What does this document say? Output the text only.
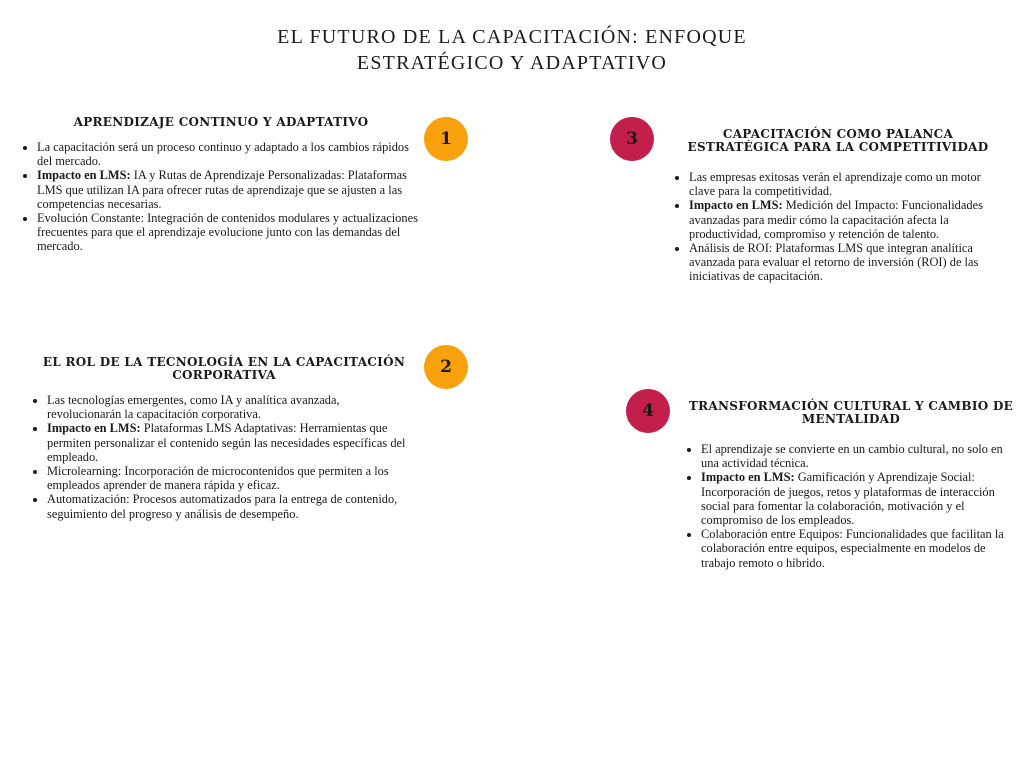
EL FUTURO DE LA CAPACITACIÓN: ENFOQUE
ESTRATÉGICO Y ADAPTATIVO
1
2
3
4
APRENDIZAJE CONTINUO Y ADAPTATIVO
• La capacitación será un proceso continuo y adaptado a los cambios rápidos del mercado.
• Impacto en LMS: IA y Rutas de Aprendizaje Personalizadas: Plataformas LMS que utilizan IA para ofrecer rutas de aprendizaje que se ajusten a las competencias necesarias.
• Evolución Constante: Integración de contenidos modulares y actualizaciones frecuentes para que el aprendizaje evolucione junto con las demandas del mercado.
EL ROL DE LA TECNOLOGÍA EN LA CAPACITACIÓN CORPORATIVA
• Las tecnologías emergentes, como IA y analítica avanzada, revolucionarán la capacitación corporativa.
• Impacto en LMS: Plataformas LMS Adaptativas: Herramientas que permiten personalizar el contenido según las necesidades específicas del empleado.
• Microlearning: Incorporación de microcontenidos que permiten a los empleados aprender de manera rápida y eficaz.
• Automatización: Procesos automatizados para la entrega de contenido, seguimiento del progreso y análisis de desempeño.
CAPACITACIÓN COMO PALANCA ESTRATÉGICA PARA LA COMPETITIVIDAD
• Las empresas exitosas verán el aprendizaje como un motor clave para la competitividad.
• Impacto en LMS: Medición del Impacto: Funcionalidades avanzadas para medir cómo la capacitación afecta la productividad, compromiso y retención de talento.
• Análisis de ROI: Plataformas LMS que integran analítica avanzada para evaluar el retorno de inversión (ROI) de las iniciativas de capacitación.
TRANSFORMACIÓN CULTURAL Y CAMBIO DE MENTALIDAD
• El aprendizaje se convierte en un cambio cultural, no solo en una actividad técnica.
• Impacto en LMS: Gamificación y Aprendizaje Social: Incorporación de juegos, retos y plataformas de interacción social para fomentar la colaboración, motivación y el compromiso de los empleados.
• Colaboración entre Equipos: Funcionalidades que facilitan la colaboración entre equipos, especialmente en modelos de trabajo remoto o híbrido.
